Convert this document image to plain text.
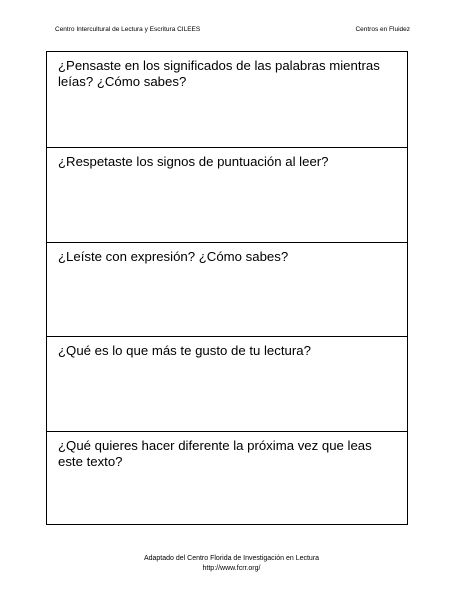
Centro Intercultural de Lectura y Escritura CILEES	Centros en Fluidez
¿Pensaste en los significados de las palabras mientras leías? ¿Cómo sabes?
¿Respetaste los signos de puntuación al leer?
¿Leíste con expresión? ¿Cómo sabes?
¿Qué es lo que más te gusto de tu lectura?
¿Qué quieres hacer diferente la próxima vez que leas este texto?
Adaptado del Centro Florida de Investigación en Lectura
http://www.fcrr.org/
